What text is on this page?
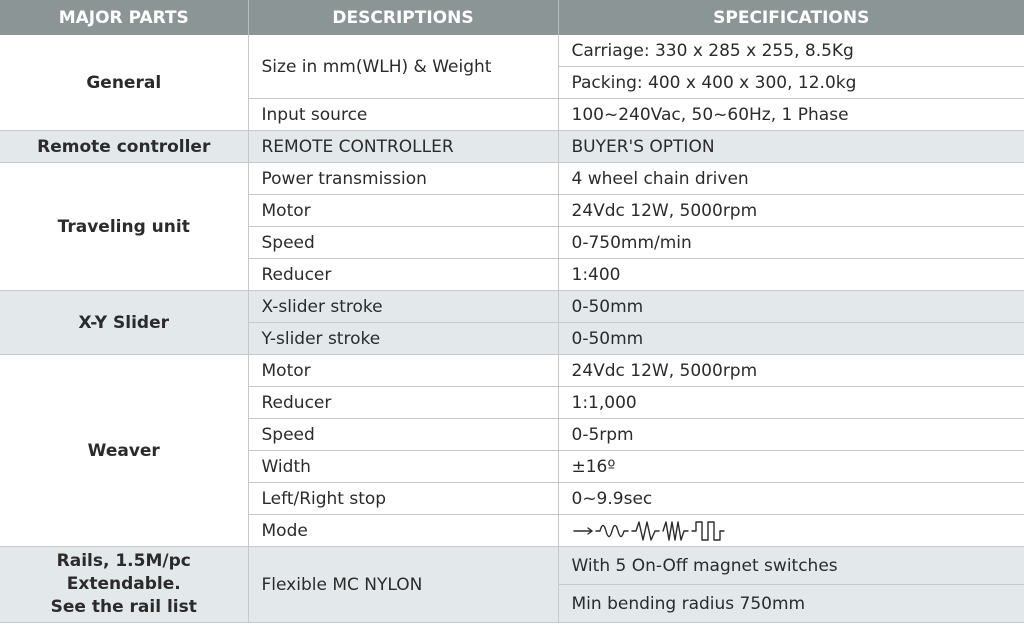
MAJOR PARTS	DESCRIPTIONS	SPECIFICATIONS
General	Size in mm(WLH) & Weight	Carriage: 330 x 285 x 255, 8.5Kg
		Packing: 400 x 400 x 300, 12.0kg
	Input source	100~240Vac, 50~60Hz, 1 Phase
Remote controller	REMOTE CONTROLLER	BUYER'S OPTION
Traveling unit	Power transmission	4 wheel chain driven
	Motor	24Vdc 12W, 5000rpm
	Speed	0-750mm/min
	Reducer	1:400
X-Y Slider	X-slider stroke	0-50mm
	Y-slider stroke	0-50mm
Weaver	Motor	24Vdc 12W, 5000rpm
	Reducer	1:1,000
	Speed	0-5rpm
	Width	±16º
	Left/Right stop	0~9.9sec
	Mode	
Rails, 1.5M/pc
Extendable.
See the rail list	Flexible MC NYLON	With 5 On-Off magnet switches
		Min bending radius 750mm
